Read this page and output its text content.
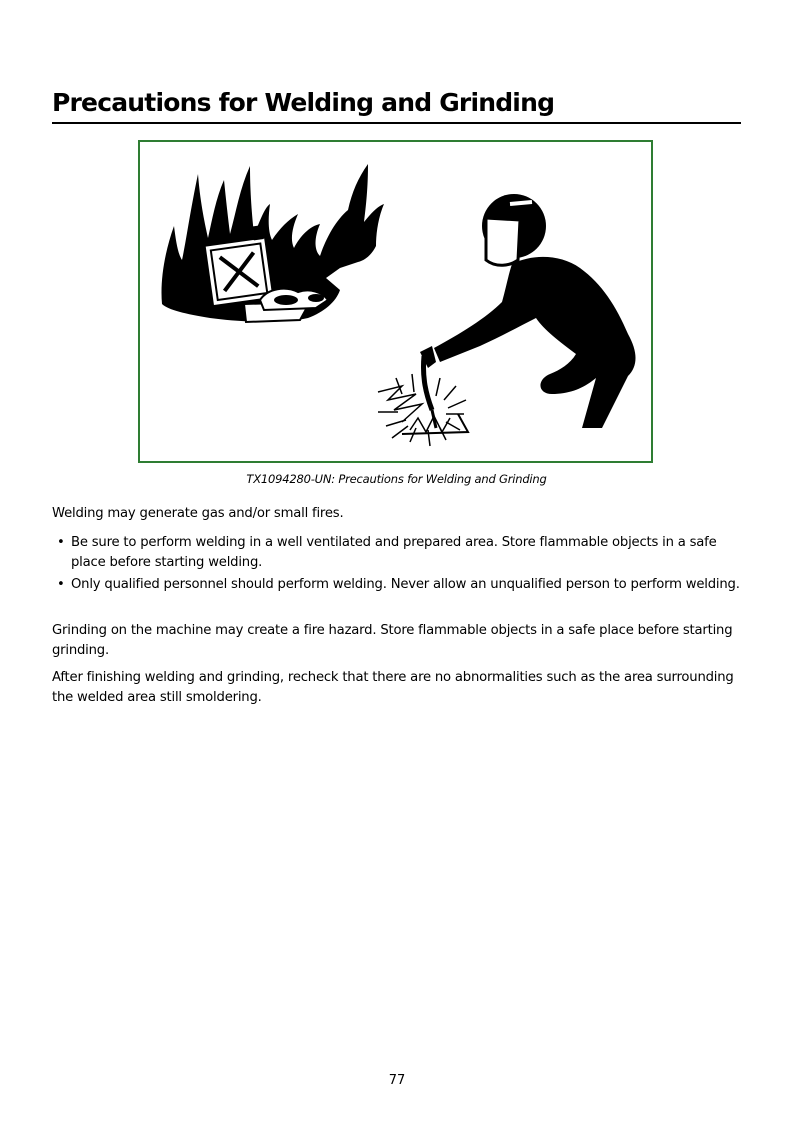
Precautions for Welding and Grinding
TX1094280-UN: Precautions for Welding and Grinding

Welding may generate gas and/or small fires.

• Be sure to perform welding in a well ventilated and prepared area. Store flammable objects in a safe place before starting welding.
• Only qualified personnel should perform welding. Never allow an unqualified person to perform welding.

Grinding on the machine may create a fire hazard. Store flammable objects in a safe place before starting grinding.

After finishing welding and grinding, recheck that there are no abnormalities such as the area surrounding the welded area still smoldering.

77
